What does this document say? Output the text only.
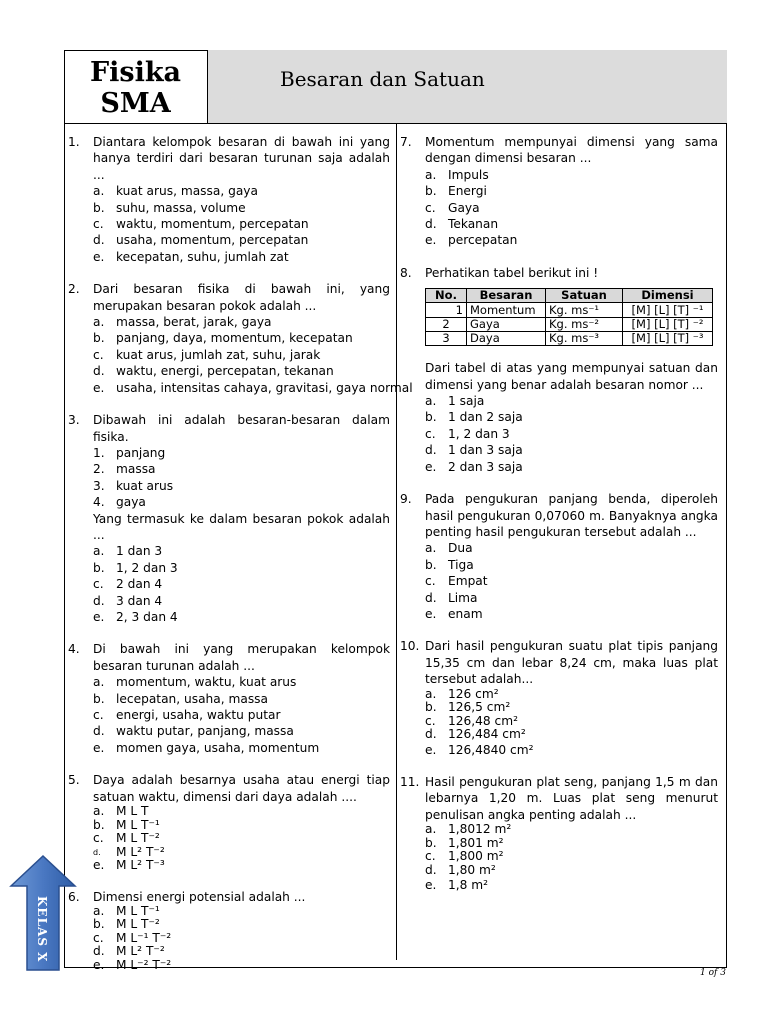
Fisika
SMA
Besaran dan Satuan
1. Diantara kelompok besaran di bawah ini yang hanya terdiri dari besaran turunan saja adalah ...
a. kuat arus, massa, gaya
b. suhu, massa, volume
c. waktu, momentum, percepatan
d. usaha, momentum, percepatan
e. kecepatan, suhu, jumlah zat
2. Dari besaran fisika di bawah ini, yang merupakan besaran pokok adalah ...
a. massa, berat, jarak, gaya
b. panjang, daya, momentum, kecepatan
c. kuat arus, jumlah zat, suhu, jarak
d. waktu, energi, percepatan, tekanan
e. usaha, intensitas cahaya, gravitasi, gaya normal
3. Dibawah ini adalah besaran-besaran dalam fisika.
1. panjang
2. massa
3. kuat arus
4. gaya
Yang termasuk ke dalam besaran pokok adalah ...
a. 1 dan 3
b. 1, 2 dan 3
c. 2 dan 4
d. 3 dan 4
e. 2, 3 dan 4
4. Di bawah ini yang merupakan kelompok besaran turunan adalah ...
a. momentum, waktu, kuat arus
b. lecepatan, usaha, massa
c. energi, usaha, waktu putar
d. waktu putar, panjang, massa
e. momen gaya, usaha, momentum
5. Daya adalah besarnya usaha atau energi tiap satuan waktu, dimensi dari daya adalah ....
a. M L T
b. M L T⁻¹
c. M L T⁻²
d. M L² T⁻²
e. M L² T⁻³
6. Dimensi energi potensial adalah ...
a. M L T⁻¹
b. M L T⁻²
c. M L⁻¹ T⁻²
d. M L² T⁻²
e. M L⁻² T⁻²
7. Momentum mempunyai dimensi yang sama dengan dimensi besaran ...
a. Impuls
b. Energi
c. Gaya
d. Tekanan
e. percepatan
8. Perhatikan tabel berikut ini !
No.	Besaran	Satuan	Dimensi
1	Momentum	Kg. ms⁻¹	[M] [L] [T] ⁻¹
2	Gaya	Kg. ms⁻²	[M] [L] [T] ⁻²
3	Daya	Kg. ms⁻³	[M] [L] [T] ⁻³
Dari tabel di atas yang mempunyai satuan dan dimensi yang benar adalah besaran nomor ...
a. 1 saja
b. 1 dan 2 saja
c. 1, 2 dan 3
d. 1 dan 3 saja
e. 2 dan 3 saja
9. Pada pengukuran panjang benda, diperoleh hasil pengukuran 0,07060 m. Banyaknya angka penting hasil pengukuran tersebut adalah ...
a. Dua
b. Tiga
c. Empat
d. Lima
e. enam
10. Dari hasil pengukuran suatu plat tipis panjang 15,35 cm dan lebar 8,24 cm, maka luas plat tersebut adalah...
a. 126 cm²
b. 126,5 cm²
c. 126,48 cm²
d. 126,484 cm²
e. 126,4840 cm²
11. Hasil pengukuran plat seng, panjang 1,5 m dan lebarnya 1,20 m. Luas plat seng menurut penulisan angka penting adalah ...
a. 1,8012 m²
b. 1,801 m²
c. 1,800 m²
d. 1,80 m²
e. 1,8 m²
KELAS X
1 of 3
